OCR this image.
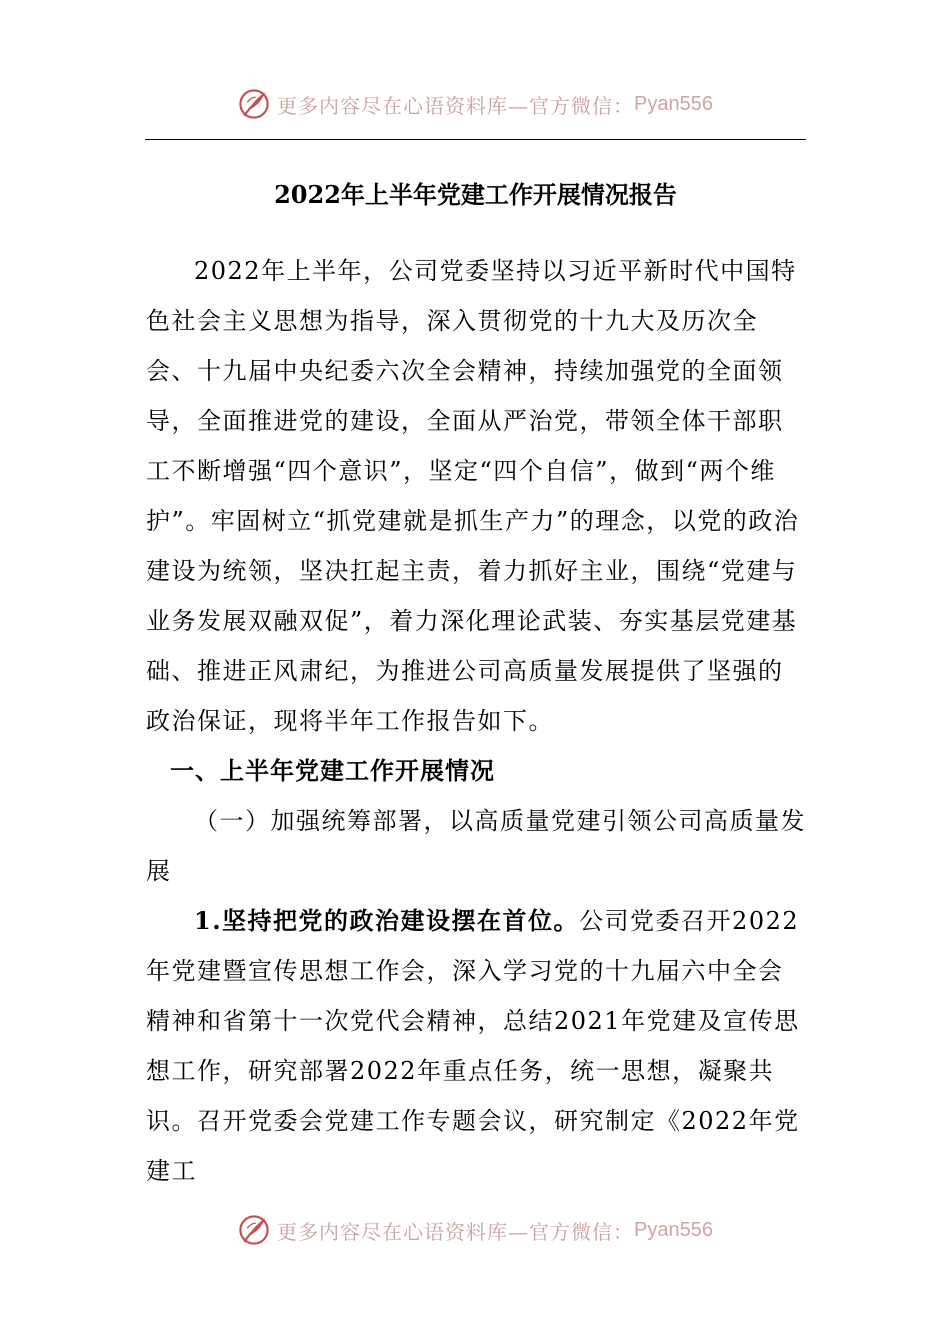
更多内容尽在心语资料库—官方微信： Pyan556
2022年上半年党建工作开展情况报告

2022年上半年，公司党委坚持以习近平新时代中国特色社会主义思想为指导，深入贯彻党的十九大及历次全会、十九届中央纪委六次全会精神，持续加强党的全面领导，全面推进党的建设，全面从严治党，带领全体干部职工不断增强“四个意识”，坚定“四个自信”，做到“两个维护”。牢固树立“抓党建就是抓生产力”的理念，以党的政治建设为统领，坚决扛起主责，着力抓好主业，围绕“党建与业务发展双融双促”，着力深化理论武装、夯实基层党建基础、推进正风肃纪，为推进公司高质量发展提供了坚强的政治保证，现将半年工作报告如下。

一、上半年党建工作开展情况

（一）加强统筹部署，以高质量党建引领公司高质量发展

1.坚持把党的政治建设摆在首位。公司党委召开2022年党建暨宣传思想工作会，深入学习党的十九届六中全会精神和省第十一次党代会精神，总结2021年党建及宣传思想工作，研究部署2022年重点任务，统一思想，凝聚共识。召开党委会党建工作专题会议，研究制定《2022年党建工

更多内容尽在心语资料库—官方微信： Pyan556
